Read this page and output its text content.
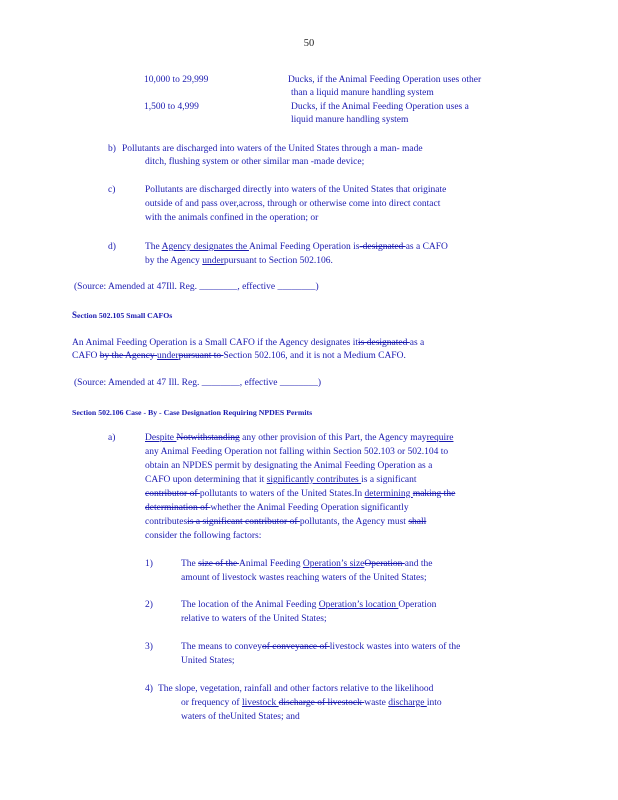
50
10,000 to 29,999	Ducks, if the Animal Feeding Operation uses other
than a liquid manure handling system
1,500 to 4,999	Ducks, if the Animal Feeding Operation uses a
liquid manure handling system
b) Pollutants are discharged into waters of the United States through a man- made
ditch, flushing system or other similar man -made device;
c)	Pollutants are discharged directly into waters of the United States that originate
outside of and pass over,across, through or otherwise come into direct contact
with the animals confined in the operation; or
d)	The Agency designates the Animal Feeding Operation is-designated as a CAFO
by the Agency underpursuant to Section 502.106.
(Source: Amended at 47Ill. Reg. ________, effective ________)
Section 502.105 Small CAFOs
An Animal Feeding Operation is a Small CAFO if the Agency designates itis designated as a
CAFO by the Agency underpursuant to Section 502.106, and it is not a Medium CAFO.
(Source: Amended at 47 Ill. Reg. ________, effective ________)
Section 502.106 Case - By - Case Designation Requiring NPDES Permits
a)	Despite Notwithstanding any other provision of this Part, the Agency mayrequire
any Animal Feeding Operation not falling within Section 502.103 or 502.104 to
obtain an NPDES permit by designating the Animal Feeding Operation as a
CAFO upon determining that it significantly contributes is a significant
contributor of pollutants to waters of the United States.In determining making the
determination of whether the Animal Feeding Operation significantly
contributesis a significant contributor of pollutants, the Agency must shall
consider the following factors:
1)	The size of the Animal Feeding Operation’s sizeOperation and the
amount of livestock wastes reaching waters of the United States;
2)	The location of the Animal Feeding Operation’s location Operation
relative to waters of the United States;
3)	The means to conveyof conveyance of livestock wastes into waters of the
United States;
4) The slope, vegetation, rainfall and other factors relative to the likelihood
or frequency of livestock discharge of livestock waste discharge into
waters of theUnited States; and
